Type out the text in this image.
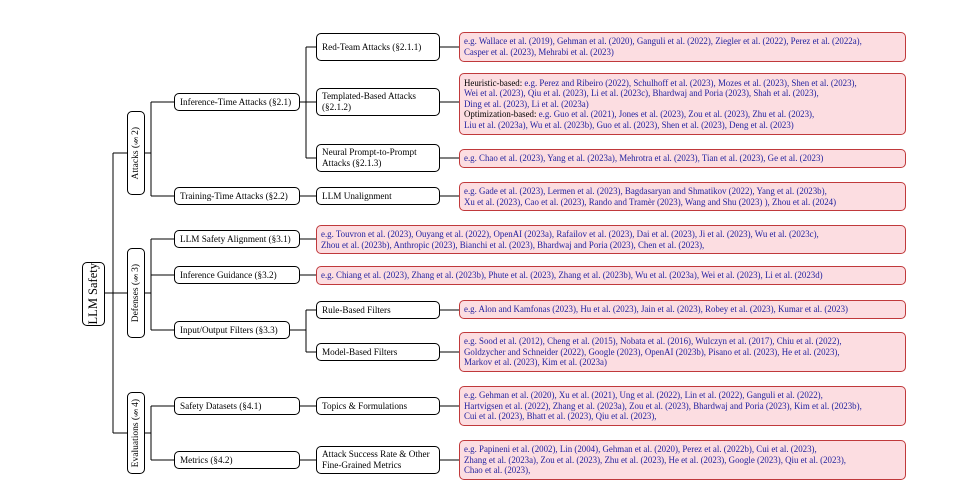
LLM Safety
Attacks (§2)
Defenses (§3)
Evaluations (§4)
Inference-Time Attacks (§2.1)
Training-Time Attacks (§2.2)
LLM Safety Alignment (§3.1)
Inference Guidance (§3.2)
Input/Output Filters (§3.3)
Safety Datasets (§4.1)
Metrics (§4.2)
Red-Team Attacks (§2.1.1)
Templated-Based Attacks (§2.1.2)
Neural Prompt-to-Prompt Attacks (§2.1.3)
LLM Unalignment
Rule-Based Filters
Model-Based Filters
Topics & Formulations
Attack Success Rate & Other Fine-Grained Metrics
e.g. Wallace et al. (2019), Gehman et al. (2020), Ganguli et al. (2022), Ziegler et al. (2022), Perez et al. (2022a),
Casper et al. (2023), Mehrabi et al. (2023)
Heuristic-based: e.g. Perez and Ribeiro (2022), Schulhoff et al. (2023), Mozes et al. (2023), Shen et al. (2023),
Wei et al. (2023), Qiu et al. (2023), Li et al. (2023c), Bhardwaj and Poria (2023), Shah et al. (2023),
Ding et al. (2023), Li et al. (2023a)
Optimization-based: e.g. Guo et al. (2021), Jones et al. (2023), Zou et al. (2023), Zhu et al. (2023),
Liu et al. (2023a), Wu et al. (2023b), Guo et al. (2023), Shen et al. (2023), Deng et al. (2023)
e.g. Chao et al. (2023), Yang et al. (2023a), Mehrotra et al. (2023), Tian et al. (2023), Ge et al. (2023)
e.g. Gade et al. (2023), Lermen et al. (2023), Bagdasaryan and Shmatikov (2022), Yang et al. (2023b),
Xu et al. (2023), Cao et al. (2023), Rando and Tramèr (2023), Wang and Shu (2023) ), Zhou et al. (2024)
e.g. Touvron et al. (2023), Ouyang et al. (2022), OpenAI (2023a), Rafailov et al. (2023), Dai et al. (2023), Ji et al. (2023), Wu et al. (2023c),
Zhou et al. (2023b), Anthropic (2023), Bianchi et al. (2023), Bhardwaj and Poria (2023), Chen et al. (2023),
e.g. Chiang et al. (2023), Zhang et al. (2023b), Phute et al. (2023), Zhang et al. (2023b), Wu et al. (2023a), Wei et al. (2023), Li et al. (2023d)
e.g. Alon and Kamfonas (2023), Hu et al. (2023), Jain et al. (2023), Robey et al. (2023), Kumar et al. (2023)
e.g. Sood et al. (2012), Cheng et al. (2015), Nobata et al. (2016), Wulczyn et al. (2017), Chiu et al. (2022),
Goldzycher and Schneider (2022), Google (2023), OpenAI (2023b), Pisano et al. (2023), He et al. (2023),
Markov et al. (2023), Kim et al. (2023a)
e.g. Gehman et al. (2020), Xu et al. (2021), Ung et al. (2022), Lin et al. (2022), Ganguli et al. (2022),
Hartvigsen et al. (2022), Zhang et al. (2023a), Zou et al. (2023), Bhardwaj and Poria (2023), Kim et al. (2023b),
Cui et al. (2023), Bhatt et al. (2023), Qiu et al. (2023),
e.g. Papineni et al. (2002), Lin (2004), Gehman et al. (2020), Perez et al. (2022b), Cui et al. (2023),
Zhang et al. (2023a), Zou et al. (2023), Zhu et al. (2023), He et al. (2023), Google (2023), Qiu et al. (2023),
Chao et al. (2023),
